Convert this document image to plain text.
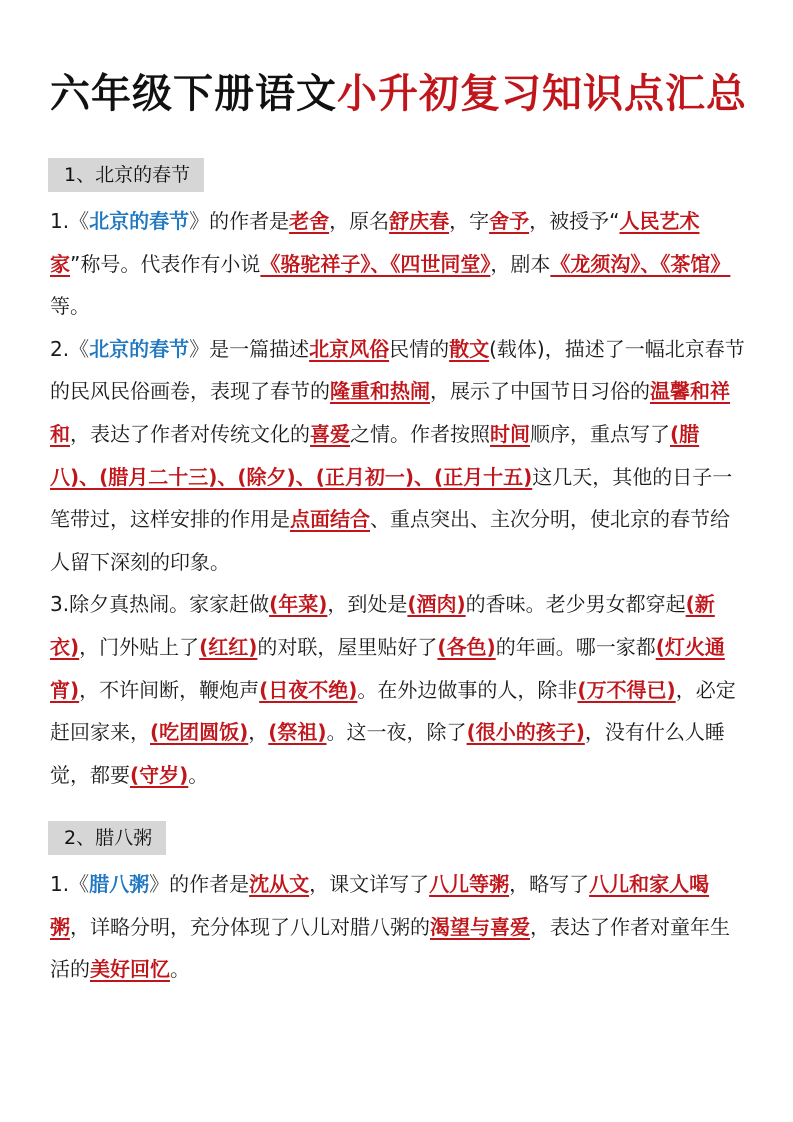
六年级下册语文小升初复习知识点汇总
1、北京的春节

1.《北京的春节》的作者是老舍，原名舒庆春，字舍予，被授予“人民艺术家”称号。代表作有小说《骆驼祥子》、《四世同堂》，剧本《龙须沟》、《茶馆》等。

2.《北京的春节》是一篇描述北京风俗民情的散文(载体)，描述了一幅北京春节的民风民俗画卷，表现了春节的隆重和热闹，展示了中国节日习俗的温馨和祥和，表达了作者对传统文化的喜爱之情。作者按照时间顺序，重点写了(腊八)、(腊月二十三)、(除夕)、(正月初一)、(正月十五)这几天，其他的日子一笔带过，这样安排的作用是点面结合、重点突出、主次分明，使北京的春节给人留下深刻的印象。

3.除夕真热闹。家家赶做(年菜)，到处是(酒肉)的香味。老少男女都穿起(新衣)，门外贴上了(红红)的对联，屋里贴好了(各色)的年画。哪一家都(灯火通宵)，不许间断，鞭炮声(日夜不绝)。在外边做事的人，除非(万不得已)，必定赶回家来，(吃团圆饭)，(祭祖)。这一夜，除了(很小的孩子)，没有什么人睡觉，都要(守岁)。

2、腊八粥

1.《腊八粥》的作者是沈从文，课文详写了八儿等粥，略写了八儿和家人喝粥，详略分明，充分体现了八儿对腊八粥的渴望与喜爱，表达了作者对童年生活的美好回忆。
